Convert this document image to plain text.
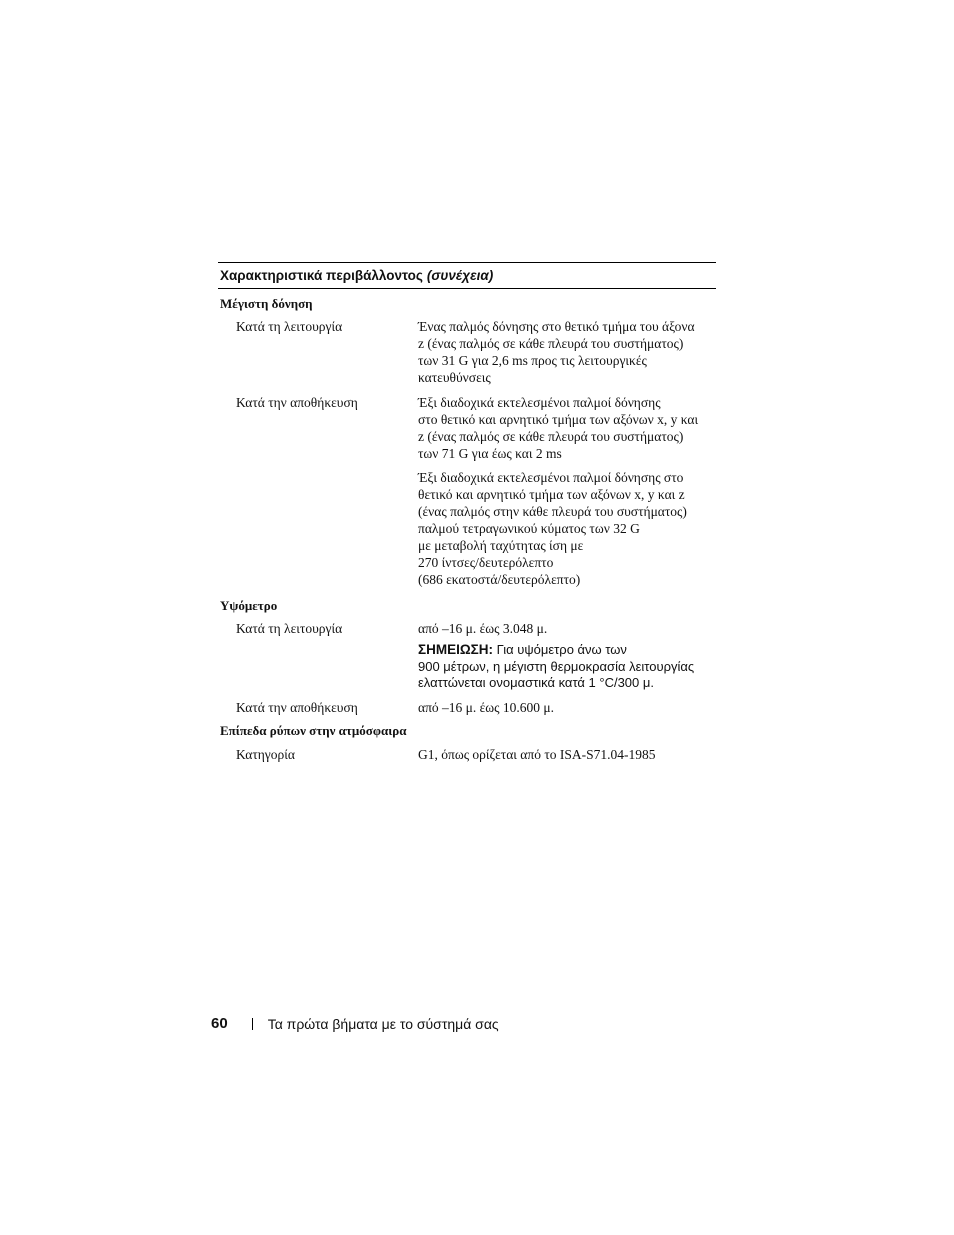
Χαρακτηριστικά περιβάλλοντος (συνέχεια)
Μέγιστη δόνηση
Κατά τη λειτουργία	Ένας παλμός δόνησης στο θετικό τμήμα του άξονα

z (ένας παλμός σε κάθε πλευρά του συστήματος)

των 31 G για 2,6 ms προς τις λειτουργικές

κατευθύνσεις

Κατά την αποθήκευση	Έξι διαδοχικά εκτελεσμένοι παλμοί δόνησης

στο θετικό και αρνητικό τμήμα των αξόνων x, y και

z (ένας παλμός σε κάθε πλευρά του συστήματος)

των 71 G για έως και 2 ms

Έξι διαδοχικά εκτελεσμένοι παλμοί δόνησης στο

θετικό και αρνητικό τμήμα των αξόνων x, y και z

(ένας παλμός στην κάθε πλευρά του συστήματος)

παλμού τετραγωνικού κύματος των 32 G

με μεταβολή ταχύτητας ίση με

270 ίντσες/δευτερόλεπτο

(686 εκατοστά/δευτερόλεπτο)

Υψόμετρο
Κατά τη λειτουργία	από –16 μ. έως 3.048 μ.

ΣΗΜΕΙΩΣΗ: Για υψόμετρο άνω των
900 μέτρων, η μέγιστη θερμοκρασία λειτουργίας
ελαττώνεται ονομαστικά κατά 1 °C/300 μ.
Κατά την αποθήκευση	από –16 μ. έως 10.600 μ.
Επίπεδα ρύπων στην ατμόσφαιρα
Κατηγορία	G1, όπως ορίζεται από το ISA-S71.04-1985
60	Τα πρώτα βήματα με το σύστημά σας
